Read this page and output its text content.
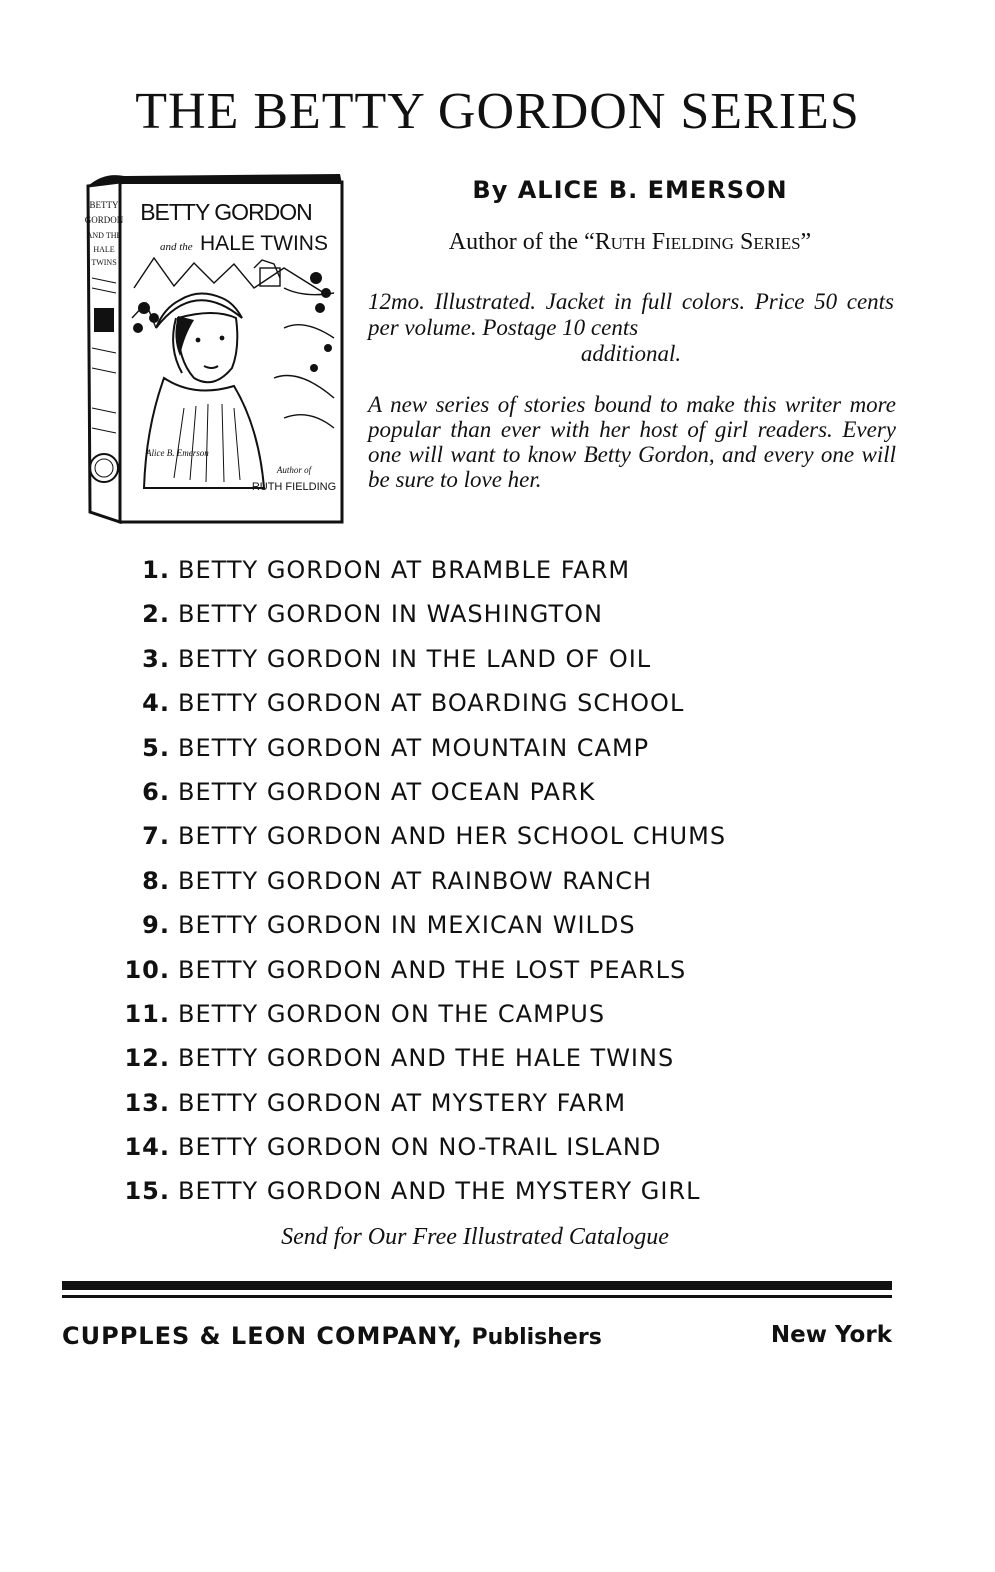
THE BETTY GORDON SERIES
BETTY
GORDON
AND THE
HALE
TWINS
BETTY GORDON
and the HALE TWINS
Alice B. Emerson
Author of
RUTH FIELDING
By ALICE B. EMERSON
Author of the “Ruth Fielding Series”
12mo. Illustrated. Jacket in full colors. Price 50 cents per volume. Postage 10 cents
additional.
A new series of stories bound to make this writer more popular than ever with her host of girl readers. Every one will want to know Betty Gordon, and every one will be sure to love her.
1. BETTY GORDON AT BRAMBLE FARM
2. BETTY GORDON IN WASHINGTON
3. BETTY GORDON IN THE LAND OF OIL
4. BETTY GORDON AT BOARDING SCHOOL
5. BETTY GORDON AT MOUNTAIN CAMP
6. BETTY GORDON AT OCEAN PARK
7. BETTY GORDON AND HER SCHOOL CHUMS
8. BETTY GORDON AT RAINBOW RANCH
9. BETTY GORDON IN MEXICAN WILDS
10. BETTY GORDON AND THE LOST PEARLS
11. BETTY GORDON ON THE CAMPUS
12. BETTY GORDON AND THE HALE TWINS
13. BETTY GORDON AT MYSTERY FARM
14. BETTY GORDON ON NO-TRAIL ISLAND
15. BETTY GORDON AND THE MYSTERY GIRL
Send for Our Free Illustrated Catalogue
CUPPLES & LEON COMPANY, Publishers	New York
